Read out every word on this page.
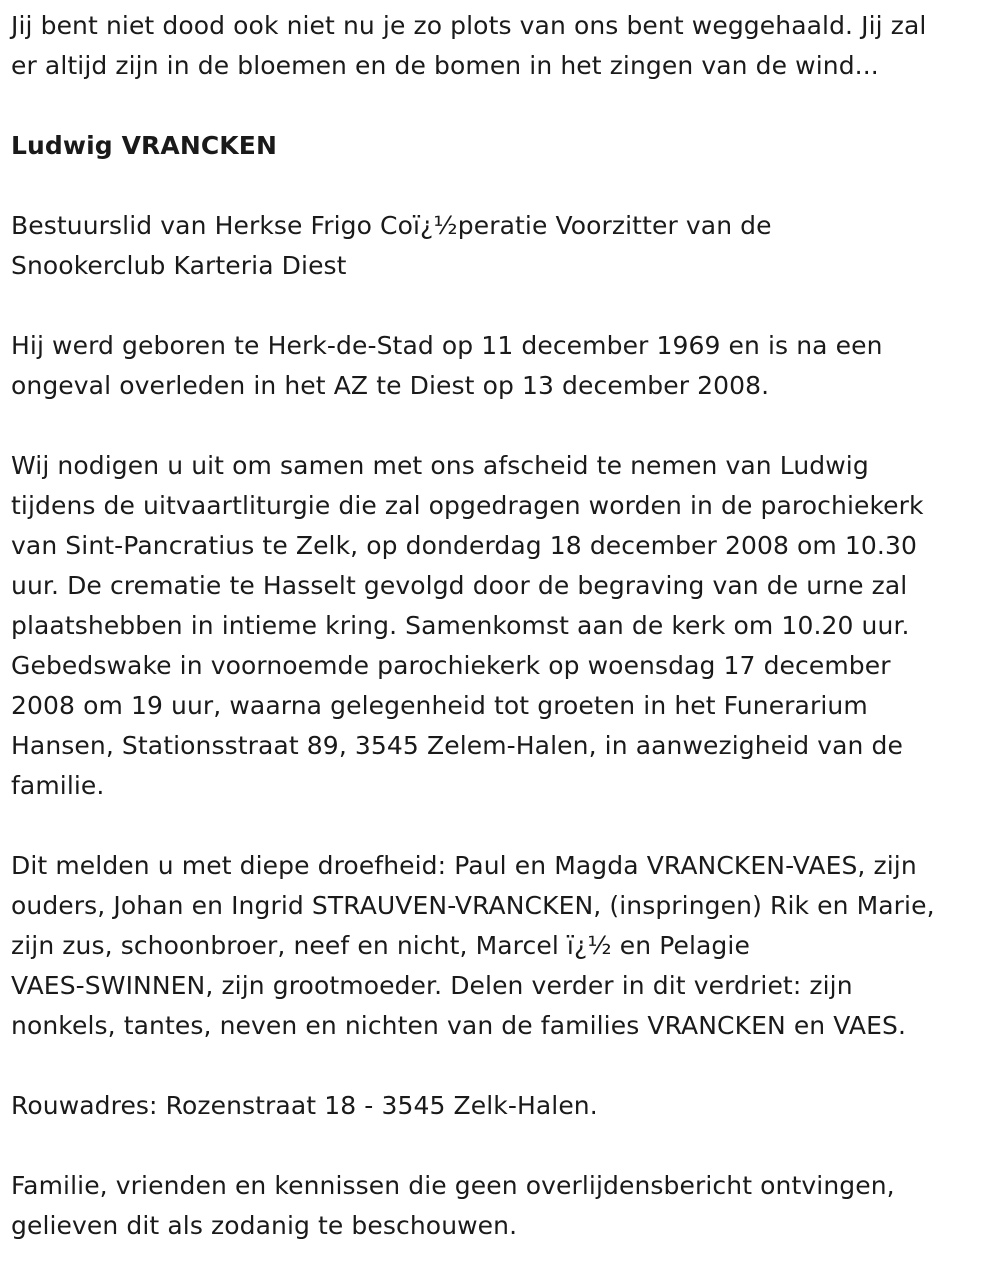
Jij bent niet dood ook niet nu je zo plots van ons bent weggehaald. Jij zal
er altijd zijn in de bloemen en de bomen in het zingen van de wind...

Ludwig VRANCKEN

Bestuurslid van Herkse Frigo Coï¿½peratie Voorzitter van de
Snookerclub Karteria Diest

Hij werd geboren te Herk-de-Stad op 11 december 1969 en is na een
ongeval overleden in het AZ te Diest op 13 december 2008.

Wij nodigen u uit om samen met ons afscheid te nemen van Ludwig
tijdens de uitvaartliturgie die zal opgedragen worden in de parochiekerk
van Sint-Pancratius te Zelk, op donderdag 18 december 2008 om 10.30
uur. De crematie te Hasselt gevolgd door de begraving van de urne zal
plaatshebben in intieme kring. Samenkomst aan de kerk om 10.20 uur.
Gebedswake in voornoemde parochiekerk op woensdag 17 december
2008 om 19 uur, waarna gelegenheid tot groeten in het Funerarium
Hansen, Stationsstraat 89, 3545 Zelem-Halen, in aanwezigheid van de
familie.

Dit melden u met diepe droefheid: Paul en Magda VRANCKEN-VAES, zijn
ouders, Johan en Ingrid STRAUVEN-VRANCKEN, (inspringen) Rik en Marie,
zijn zus, schoonbroer, neef en nicht, Marcel ï¿½ en Pelagie
VAES-SWINNEN, zijn grootmoeder. Delen verder in dit verdriet: zijn
nonkels, tantes, neven en nichten van de families VRANCKEN en VAES.

Rouwadres: Rozenstraat 18 - 3545 Zelk-Halen.

Familie, vrienden en kennissen die geen overlijdensbericht ontvingen,
gelieven dit als zodanig te beschouwen.
